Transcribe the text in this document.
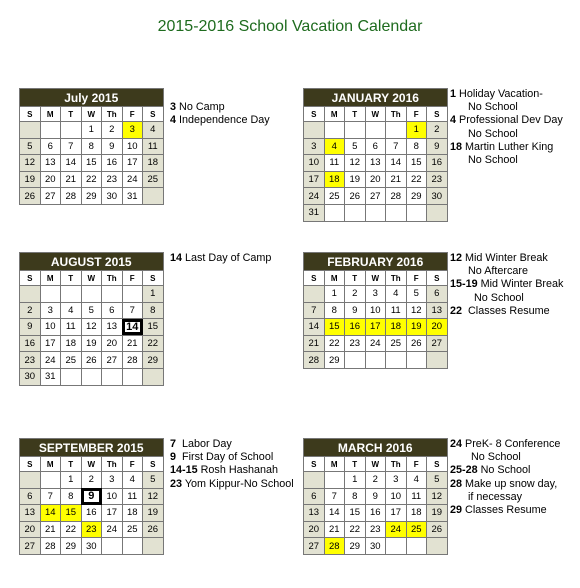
2015-2016 School Vacation Calendar
July 2015						
S	M	T	W	Th	F	S
			1	2	3	4
5	6	7	8	9	10	11
12	13	14	15	16	17	18
19	20	21	22	23	24	25
26	27	28	29	30	31	
JANUARY 2016						
S	M	T	W	Th	F	S
					1	2
3	4	5	6	7	8	9
10	11	12	13	14	15	16
17	18	19	20	21	22	23
24	25	26	27	28	29	30
31						
AUGUST 2015						
S	M	T	W	Th	F	S
						1
2	3	4	5	6	7	8
9	10	11	12	13	14	15
16	17	18	19	20	21	22
23	24	25	26	27	28	29
30	31					
FEBRUARY 2016						
S	M	T	W	Th	F	S
	1	2	3	4	5	6
7	8	9	10	11	12	13
14	15	16	17	18	19	20
21	22	23	24	25	26	27
28	29					
SEPTEMBER 2015						
S	M	T	W	Th	F	S
		1	2	3	4	5
6	7	8	9	10	11	12
13	14	15	16	17	18	19
20	21	22	23	24	25	26
27	28	29	30			
MARCH 2016						
S	M	T	W	Th	F	S
		1	2	3	4	5
6	7	8	9	10	11	12
13	14	15	16	17	18	19
20	21	22	23	24	25	26
27	28	29	30			
3 No Camp
4 Independence Day
1 Holiday Vacation-
No School
4 Professional Dev Day
No School
18 Martin Luther King
No School
14 Last Day of Camp	12 Mid Winter Break
No Aftercare
15-19 Mid Winter Break
No School
22  Classes Resume
7  Labor Day
9  First Day of School
14-15 Rosh Hashanah
23 Yom Kippur-No School
24 PreK- 8 Conference
No School
25-28 No School
28 Make up snow day,
if necessay
29 Classes Resume
